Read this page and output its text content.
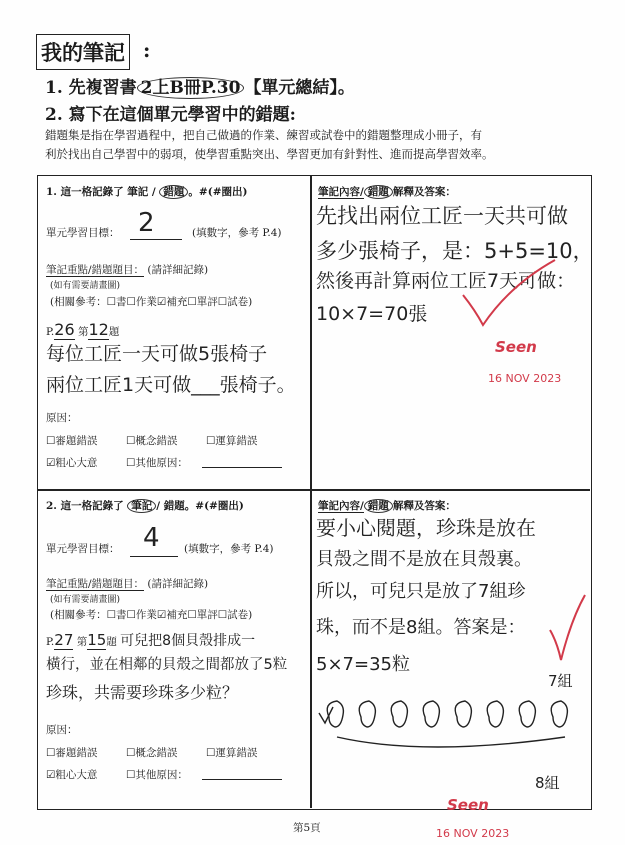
我的筆記 :
1. 先複習書 2上B冊P.30 【單元總結】。
2. 寫下在這個單元學習中的錯題:
錯題集是指在學習過程中，把自己做過的作業、練習或試卷中的錯題整理成小冊子，有
利於找出自己學習中的弱項，使學習重點突出、學習更加有針對性、進而提高學習效率。
1. 這一格記錄了 筆記 / 錯題 。#(#圈出)
單元學習目標： 2	(填數字，參考 P.4)
筆記重點/錯題題目： (請詳細記錄)
(如有需要請畫圖)
(相關參考：☐書☐作業☑補充☐單評☐試卷)
P.26 第12題
每位工匠一天可做5張椅子
兩位工匠1天可做___張椅子。
原因：
☐審題錯誤	☐概念錯誤	☐運算錯誤
☑粗心大意	☐其他原因：
筆記內容/ 錯題 解釋及答案：
先找出兩位工匠一天共可做
多少張椅子，是：5+5=10，
然後再計算兩位工匠7天可做：
10×7=70張
Seen
16 NOV 2023
2. 這一格記錄了 筆記 / 錯題。#(#圈出)
單元學習目標： 4 (填數字，參考 P.4)
筆記重點/錯題題目： (請詳細記錄)
(如有需要請畫圖)
(相關參考：☐書☐作業☑補充☐單評☐試卷)
P.27 第15題 可兒把8個貝殼排成一
橫行，並在相鄰的貝殼之間都放了5粒
珍珠，共需要珍珠多少粒？
原因：
☐審題錯誤	☐概念錯誤	☐運算錯誤
☑粗心大意	☐其他原因：
筆記內容/ 錯題 解釋及答案：
要小心閱題，珍珠是放在
貝殼之間不是放在貝殼裏。
所以，可兒只是放了7組珍
珠，而不是8組。答案是：
5×7=35粒
7組
8組
Seen
16 NOV 2023
第5頁
